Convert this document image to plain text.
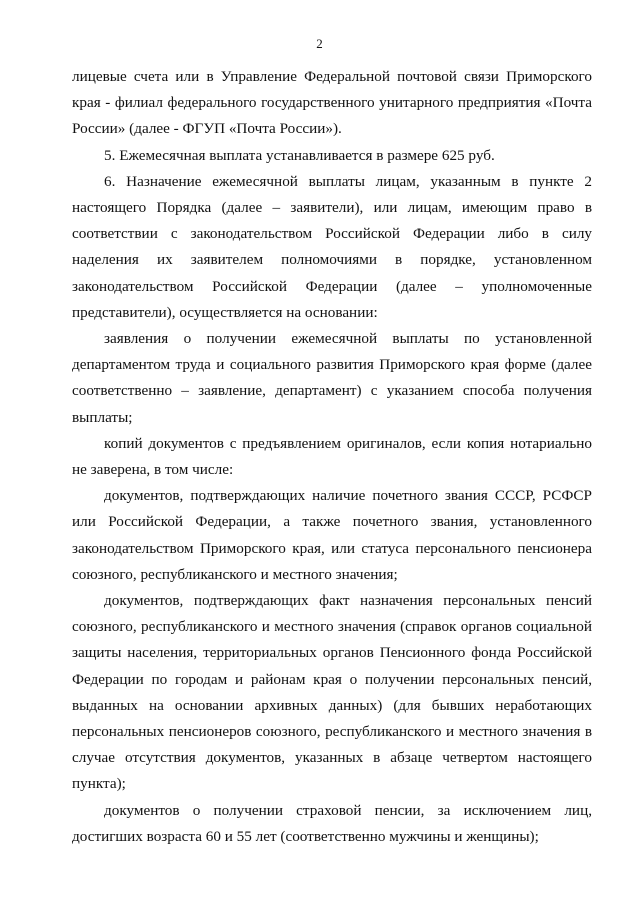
2

лицевые счета или в Управление Федеральной почтовой связи Приморского края - филиал федерального государственного унитарного предприятия «Почта России» (далее - ФГУП «Почта России»).

5. Ежемесячная выплата устанавливается в размере 625 руб.

6. Назначение ежемесячной выплаты лицам, указанным в пункте 2 настоящего Порядка (далее – заявители), или лицам, имеющим право в соответствии с законодательством Российской Федерации либо в силу наделения их заявителем полномочиями в порядке, установленном законодательством Российской Федерации (далее – уполномоченные представители), осуществляется на основании:

заявления о получении ежемесячной выплаты по установленной департаментом труда и социального развития Приморского края форме (далее соответственно – заявление, департамент) с указанием способа получения выплаты;

копий документов с предъявлением оригиналов, если копия нотариально не заверена, в том числе:

документов, подтверждающих наличие почетного звания СССР, РСФСР или Российской Федерации, а также почетного звания, установленного законодательством Приморского края, или статуса персонального пенсионера союзного, республиканского и местного значения;

документов, подтверждающих факт назначения персональных пенсий союзного, республиканского и местного значения (справок органов социальной защиты населения, территориальных органов Пенсионного фонда Российской Федерации по городам и районам края о получении персональных пенсий, выданных на основании архивных данных) (для бывших неработающих персональных пенсионеров союзного, республиканского и местного значения в случае отсутствия документов, указанных в абзаце четвертом настоящего пункта);

документов о получении страховой пенсии, за исключением лиц, достигших возраста 60 и 55 лет (соответственно мужчины и женщины);
